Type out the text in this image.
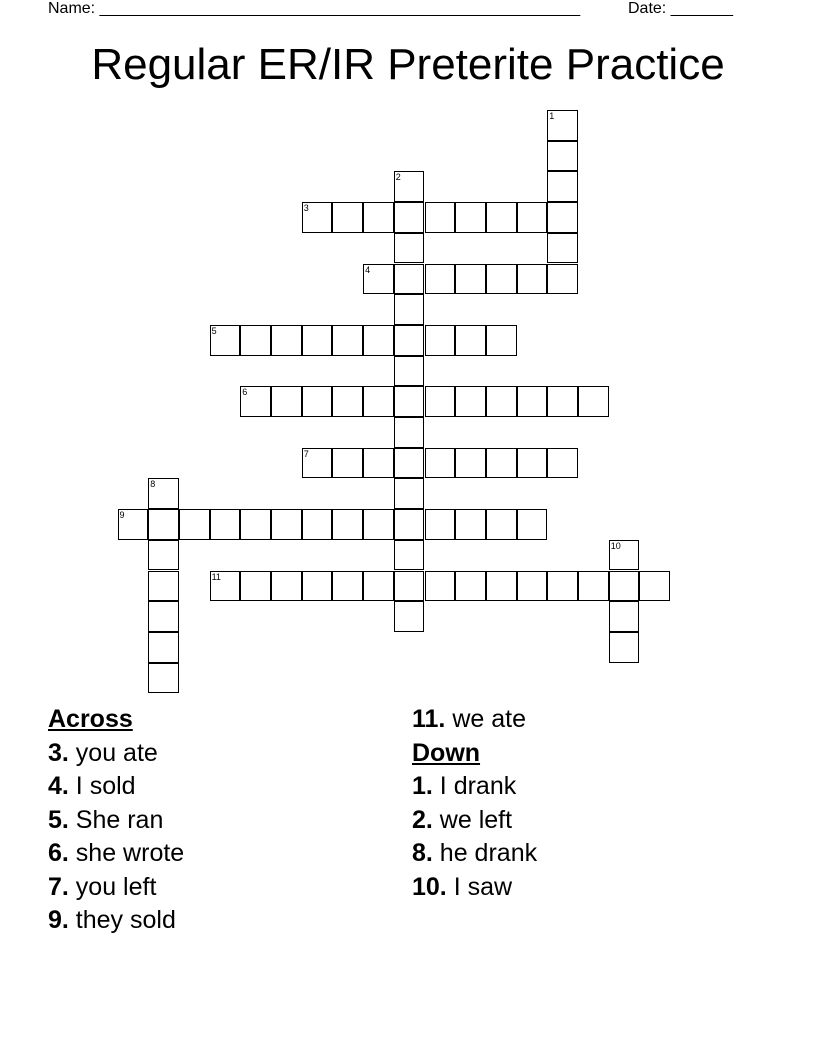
Name: ______________________________________________________	Date: _______
Regular ER/IR Preterite Practice
1
2
3
4
5
6
7
8
9
10
11
Across
3. you ate
4. I sold
5. She ran
6. she wrote
7. you left
9. they sold
11. we ate
Down
1. I drank
2. we left
8. he drank
10. I saw
